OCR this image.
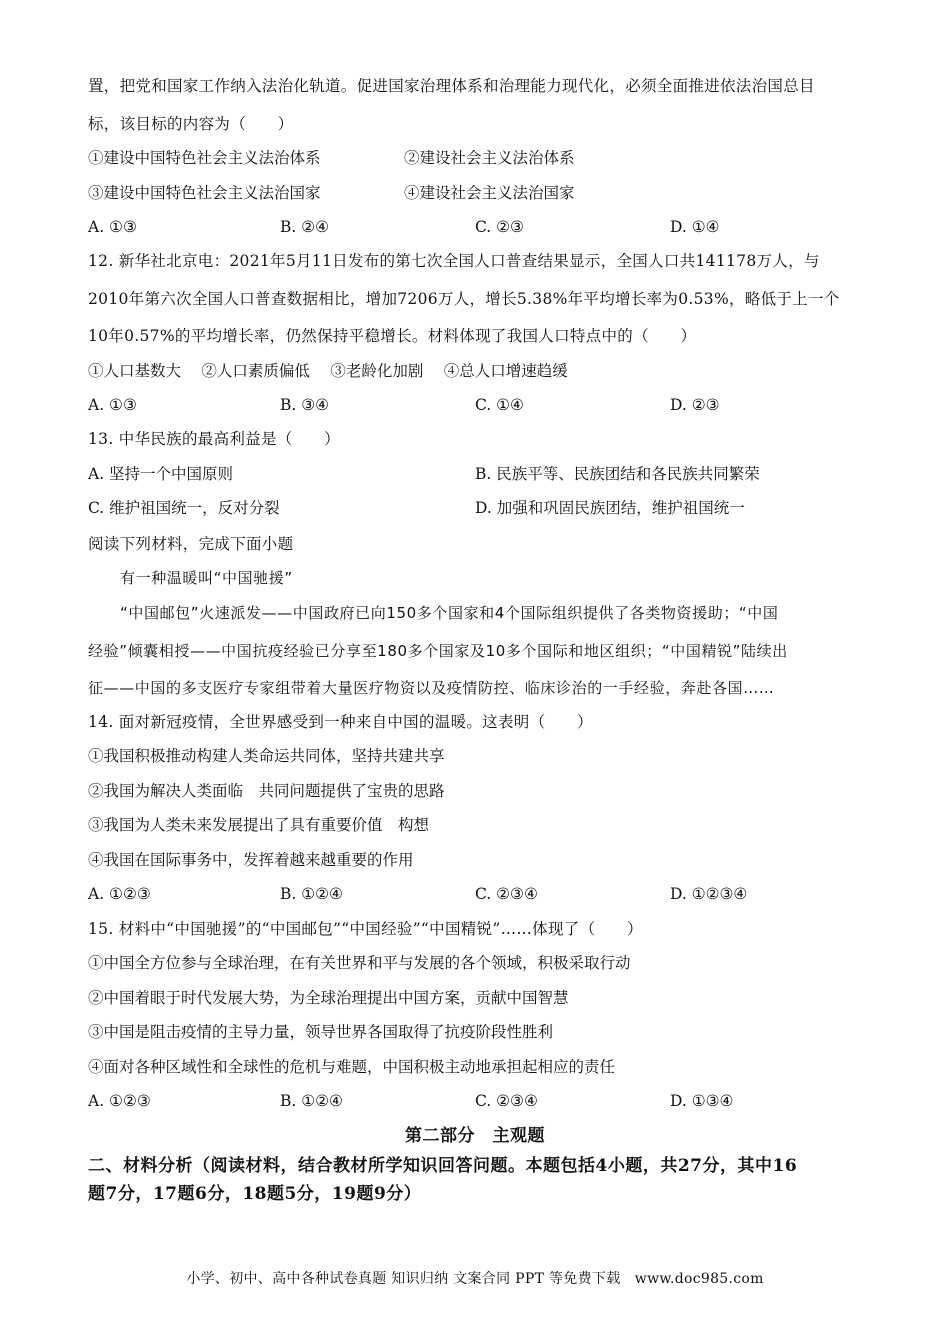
置，把党和国家工作纳入法治化轨道。促进国家治理体系和治理能力现代化，必须全面推进依法治国总目
标，该目标的内容为（　　）
①建设中国特色社会主义法治体系	②建设社会主义法治体系
③建设中国特色社会主义法治国家	④建设社会主义法治国家
A. ①③	B. ②④	C. ②③	D. ①④
12. 新华社北京电：2021年5月11日发布的第七次全国人口普查结果显示，全国人口共141178万人，与
2010年第六次全国人口普查数据相比，增加7206万人，增长5.38%年平均增长率为0.53%，略低于上一个
10年0.57%的平均增长率，仍然保持平稳增长。材料体现了我国人口特点中的（　　）
①人口基数大　 ②人口素质偏低　 ③老龄化加剧　 ④总人口增速趋缓
A. ①③	B. ③④	C. ①④	D. ②③
13. 中华民族的最高利益是（　　）
A. 坚持一个中国原则	B. 民族平等、民族团结和各民族共同繁荣
C. 维护祖国统一，反对分裂	D. 加强和巩固民族团结，维护祖国统一
阅读下列材料，完成下面小题
有一种温暖叫“中国驰援”
“中国邮包”火速派发——中国政府已向150多个国家和4个国际组织提供了各类物资援助；“中国
经验”倾囊相授——中国抗疫经验已分享至180多个国家及10多个国际和地区组织；“中国精锐”陆续出
征——中国的多支医疗专家组带着大量医疗物资以及疫情防控、临床诊治的一手经验，奔赴各国……
14. 面对新冠疫情，全世界感受到一种来自中国的温暖。这表明（　　）
①我国积极推动构建人类命运共同体，坚持共建共享
②我国为解决人类面临　共同问题提供了宝贵的思路
③我国为人类未来发展提出了具有重要价值　构想
④我国在国际事务中，发挥着越来越重要的作用
A. ①②③	B. ①②④	C. ②③④	D. ①②③④
15. 材料中“中国驰援”的“中国邮包”“中国经验”“中国精锐”……体现了（　　）
①中国全方位参与全球治理，在有关世界和平与发展的各个领域，积极采取行动
②中国着眼于时代发展大势，为全球治理提出中国方案，贡献中国智慧
③中国是阻击疫情的主导力量，领导世界各国取得了抗疫阶段性胜利
④面对各种区域性和全球性的危机与难题，中国积极主动地承担起相应的责任
A. ①②③	B. ①②④	C. ②③④	D. ①③④
第二部分　主观题
二、材料分析（阅读材料，结合教材所学知识回答问题。本题包括4小题，共27分，其中16
题7分，17题6分，18题5分，19题9分）
小学、初中、高中各种试卷真题 知识归纳 文案合同 PPT 等免费下载　www.doc985.com
